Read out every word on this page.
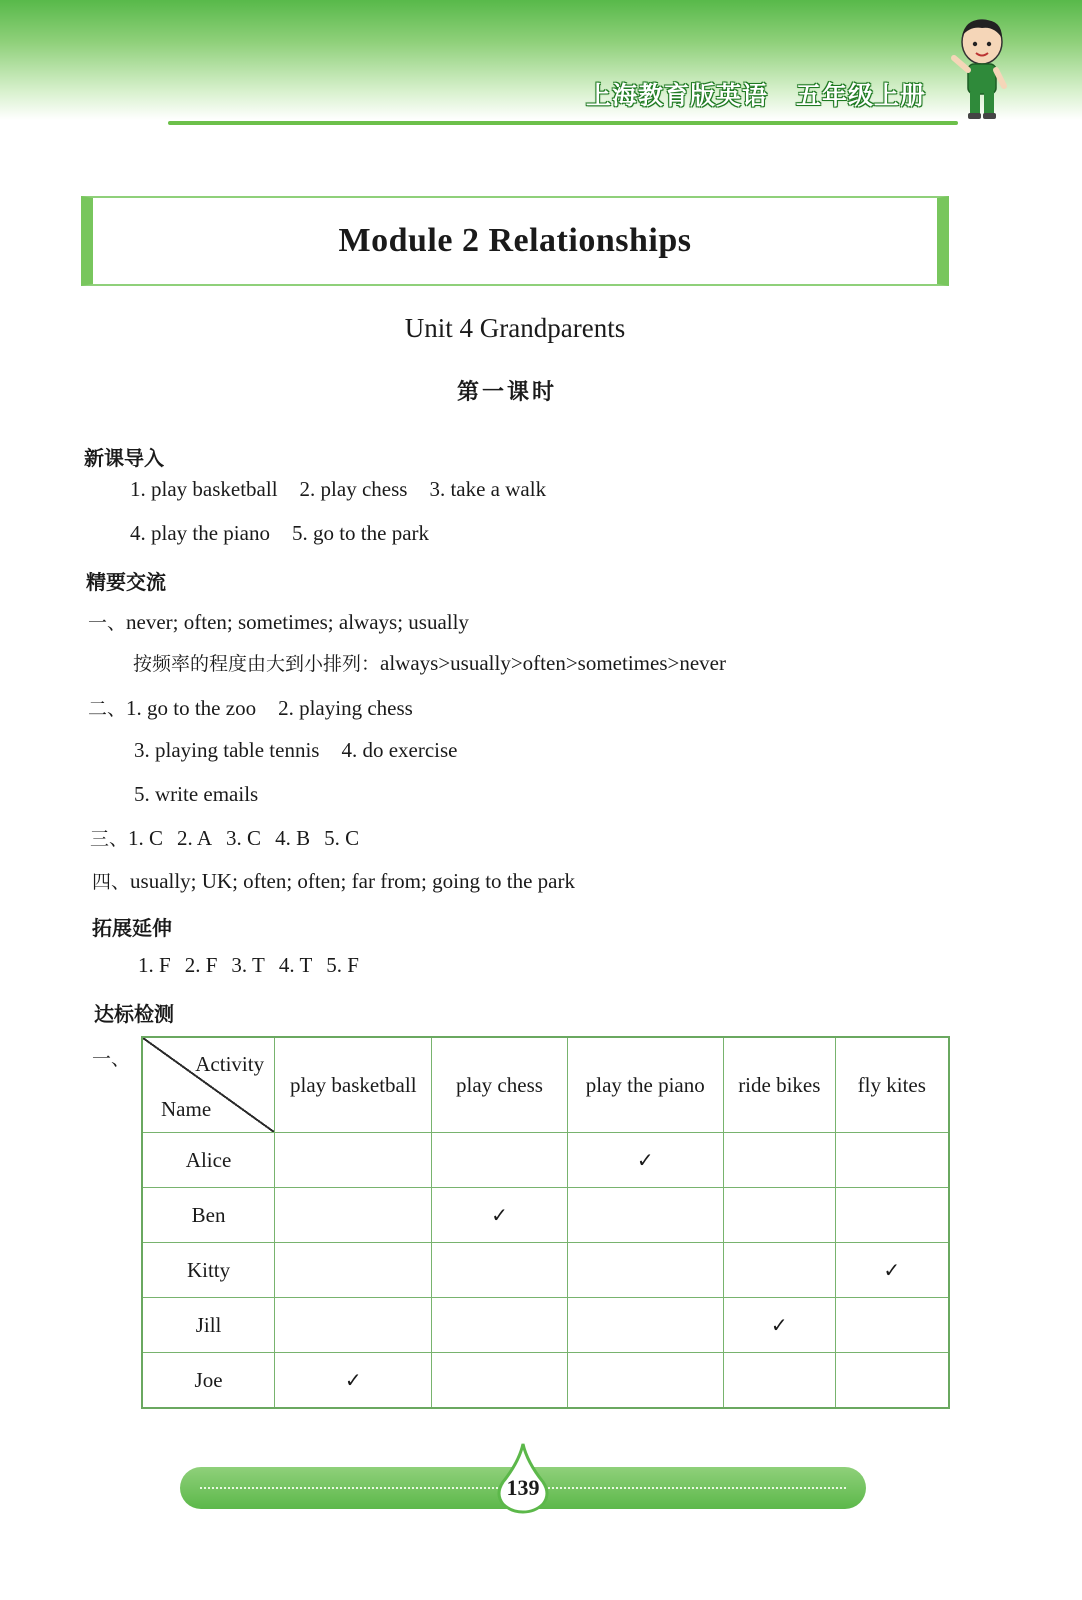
上海教育版英语 五年级上册
Module 2 Relationships
Unit 4 Grandparents
第一课时
新课导入
1. play basketball 2. play chess 3. take a walk
4. play the piano 5. go to the park
精要交流
一、never; often; sometimes; always; usually
按频率的程度由大到小排列：always>usually>often>sometimes>never
二、1. go to the zoo 2. playing chess
3. playing table tennis 4. do exercise
5. write emails
三、1. C 2. A 3. C 4. B 5. C
四、usually; UK; often; often; far from; going to the park
拓展延伸
1. F 2. F 3. T 4. T 5. F
达标检测
一、	Activity
Name	play basketball	play chess	play the piano	ride bikes	fly kites
Alice			✓		
Ben		✓			
Kitty					✓
Jill				✓	
Joe	✓				
139
